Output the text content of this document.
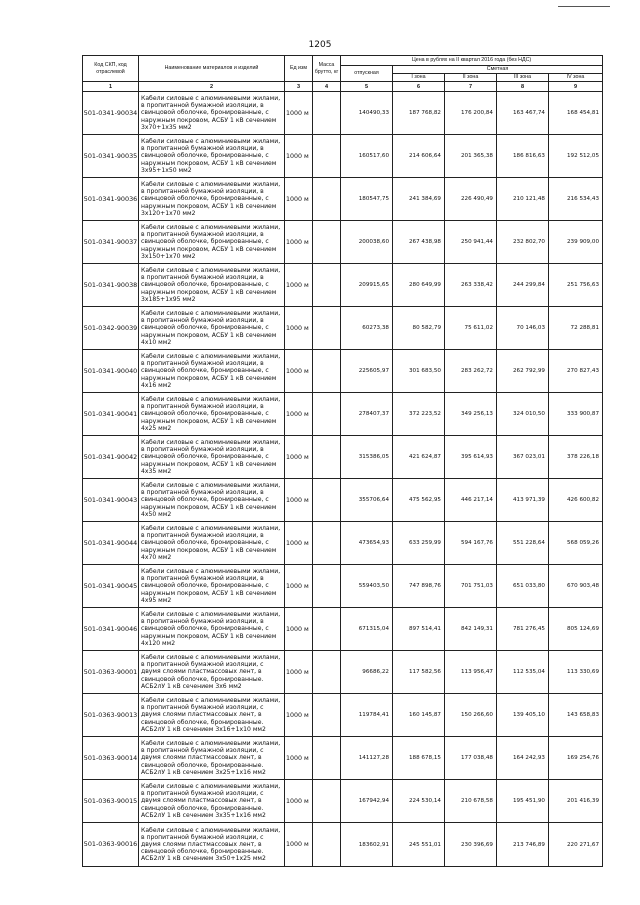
1205
Код СКП, код отраслевой	Наименование материалов и изделий	Ед изм	Масса брутто, кг	Цена в рублях на II квартал 2016 года (без НДС)				
				отпускная	Сметная			
					I зона	II зона	III зона	IV зона
1	2	3	4	5	6	7	8	9
501-0341-90034	Кабели силовые с алюминиевыми жилами, в пропитанной бумажной изоляции, в свинцовой оболочке, бронированные, с наружным покровом, АСБУ 1 кВ сечением 3х70+1х35 мм2	1000 м		140490,33	187 768,82	176 200,84	163 467,74	168 454,81
501-0341-90035	Кабели силовые с алюминиевыми жилами, в пропитанной бумажной изоляции, в свинцовой оболочке, бронированные, с наружным покровом, АСБУ 1 кВ сечением 3х95+1х50 мм2	1000 м		160517,60	214 606,64	201 365,38	186 816,63	192 512,05
501-0341-90036	Кабели силовые с алюминиевыми жилами, в пропитанной бумажной изоляции, в свинцовой оболочке, бронированные, с наружным покровом, АСБУ 1 кВ сечением 3х120+1х70 мм2	1000 м		180547,75	241 384,69	226 490,49	210 121,48	216 534,43
501-0341-90037	Кабели силовые с алюминиевыми жилами, в пропитанной бумажной изоляции, в свинцовой оболочке, бронированные, с наружным покровом, АСБУ 1 кВ сечением 3х150+1х70 мм2	1000 м		200038,60	267 438,98	250 941,44	232 802,70	239 909,00
501-0341-90038	Кабели силовые с алюминиевыми жилами, в пропитанной бумажной изоляции, в свинцовой оболочке, бронированные, с наружным покровом, АСБУ 1 кВ сечением 3х185+1х95 мм2	1000 м		209915,65	280 649,99	263 338,42	244 299,84	251 756,63
501-0342-90039	Кабели силовые с алюминиевыми жилами, в пропитанной бумажной изоляции, в свинцовой оболочке, бронированные, с наружным покровом, АСБУ 1 кВ сечением 4х10 мм2	1000 м		60273,38	80 582,79	75 611,02	70 146,03	72 288,81
501-0341-90040	Кабели силовые с алюминиевыми жилами, в пропитанной бумажной изоляции, в свинцовой оболочке, бронированные, с наружным покровом, АСБУ 1 кВ сечением 4х16 мм2	1000 м		225605,97	301 683,50	283 262,72	262 792,99	270 827,43
501-0341-90041	Кабели силовые с алюминиевыми жилами, в пропитанной бумажной изоляции, в свинцовой оболочке, бронированные, с наружным покровом, АСБУ 1 кВ сечением 4х25 мм2	1000 м		278407,37	372 223,52	349 256,13	324 010,50	333 900,87
501-0341-90042	Кабели силовые с алюминиевыми жилами, в пропитанной бумажной изоляции, в свинцовой оболочке, бронированные, с наружным покровом, АСБУ 1 кВ сечением 4х35 мм2	1000 м		315386,05	421 624,87	395 614,93	367 023,01	378 226,18
501-0341-90043	Кабели силовые с алюминиевыми жилами, в пропитанной бумажной изоляции, в свинцовой оболочке, бронированные, с наружным покровом, АСБУ 1 кВ сечением 4х50 мм2	1000 м		355706,64	475 562,95	446 217,14	413 971,39	426 600,82
501-0341-90044	Кабели силовые с алюминиевыми жилами, в пропитанной бумажной изоляции, в свинцовой оболочке, бронированные, с наружным покровом, АСБУ 1 кВ сечением 4х70 мм2	1000 м		473654,93	633 259,99	594 167,76	551 228,64	568 059,26
501-0341-90045	Кабели силовые с алюминиевыми жилами, в пропитанной бумажной изоляции, в свинцовой оболочке, бронированные, с наружным покровом, АСБУ 1 кВ сечением 4х95 мм2	1000 м		559403,50	747 898,76	701 751,03	651 033,80	670 903,48
501-0341-90046	Кабели силовые с алюминиевыми жилами, в пропитанной бумажной изоляции, в свинцовой оболочке, бронированные, с наружным покровом, АСБУ 1 кВ сечением 4х120 мм2	1000 м		671315,04	897 514,41	842 149,31	781 276,45	805 124,69
501-0363-90001	Кабели силовые с алюминиевыми жилами, в пропитанной бумажной изоляции, с двумя слоями пластмассовых лент, в свинцовой оболочке, бронированные. АСБ2лУ 1 кВ сечением 3х6 мм2	1000 м		96686,22	117 582,56	113 956,47	112 535,04	113 330,69
501-0363-90013	Кабели силовые с алюминиевыми жилами, в пропитанной бумажной изоляции, с двумя слоями пластмассовых лент, в свинцовой оболочке, бронированные. АСБ2лУ 1 кВ сечением 3х16+1х10 мм2	1000 м		119784,41	160 145,87	150 266,60	139 405,10	143 658,83
501-0363-90014	Кабели силовые с алюминиевыми жилами, в пропитанной бумажной изоляции, с двумя слоями пластмассовых лент, в свинцовой оболочке, бронированные. АСБ2лУ 1 кВ сечением 3х25+1х16 мм2	1000 м		141127,28	188 678,15	177 038,48	164 242,93	169 254,76
501-0363-90015	Кабели силовые с алюминиевыми жилами, в пропитанной бумажной изоляции, с двумя слоями пластмассовых лент, в свинцовой оболочке, бронированные. АСБ2лУ 1 кВ сечением 3х35+1х16 мм2	1000 м		167942,94	224 530,14	210 678,58	195 451,90	201 416,39
501-0363-90016	Кабели силовые с алюминиевыми жилами, в пропитанной бумажной изоляции, с двумя слоями пластмассовых лент, в свинцовой оболочке, бронированные. АСБ2лУ 1 кВ сечением 3х50+1х25 мм2	1000 м		183602,91	245 551,01	230 396,69	213 746,89	220 271,67
